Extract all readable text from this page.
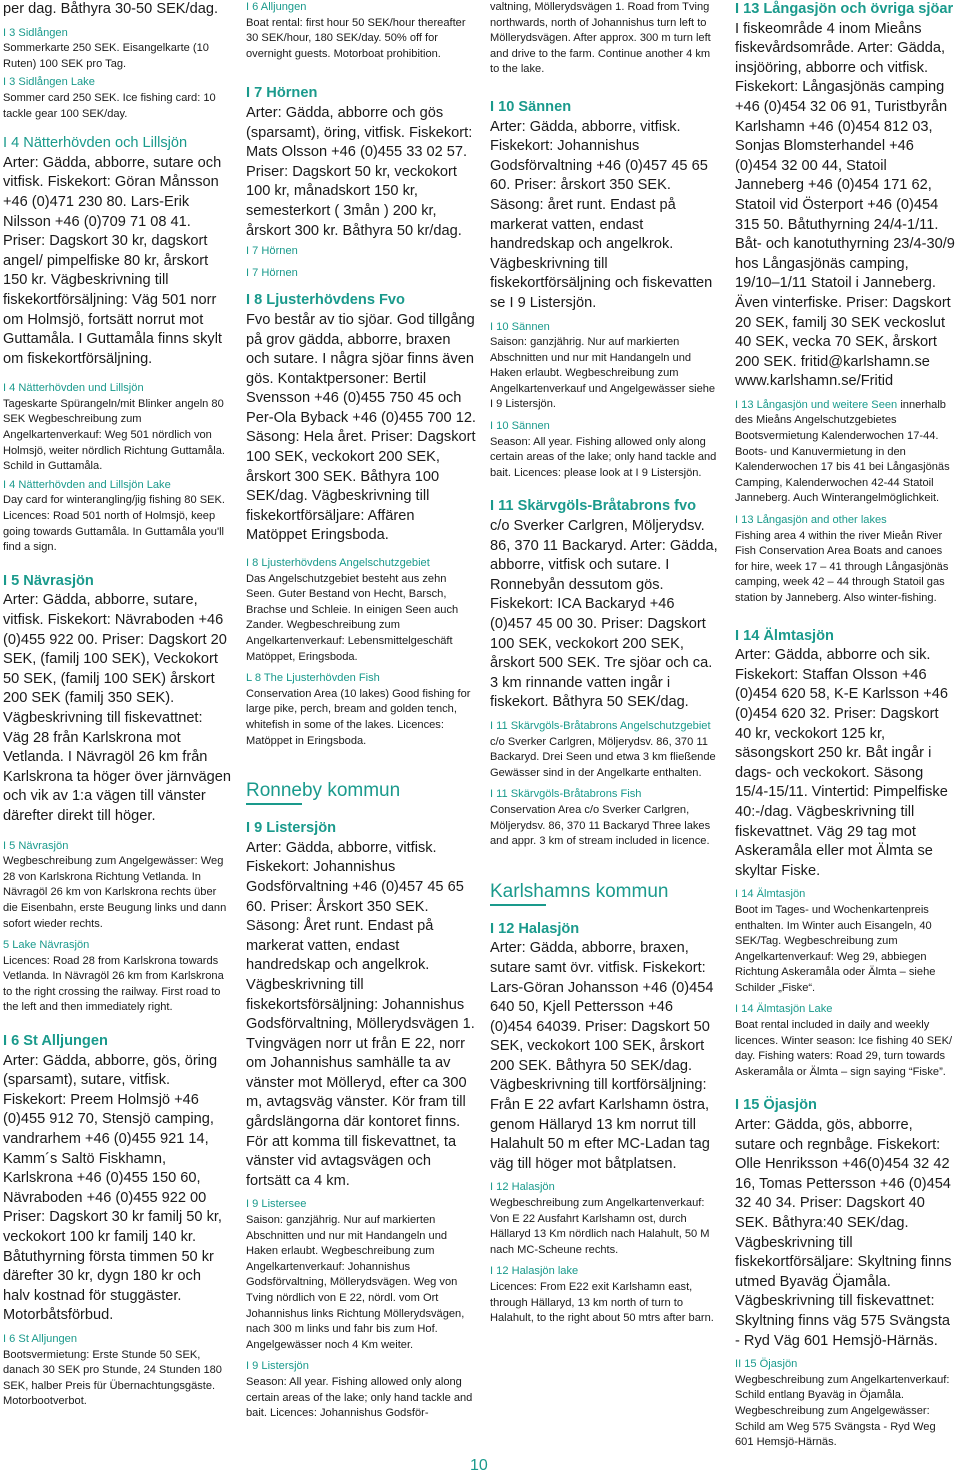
per dag. Båthyra 30-50 SEK/dag.
I 3 Sidlången
Sommerkarte 250 SEK. Eisangelkarte (10 Ruten) 100 SEK pro Tag.
I 3 Sidlången Lake
Sommer card 250 SEK. Ice fishing card: 10 tackle gear 100 SEK/day.
I 4 Nätterhövden och Lillsjön
Arter: Gädda, abborre, sutare och vitfisk. Fiskekort: Göran Månsson +46 (0)471 230 80. Lars-Erik Nilsson +46 (0)709 71 08 41. Priser: Dagskort 30 kr, dagskort angel/ pimpelfiske 80 kr, årskort 150 kr. Vägbeskrivning till fiskekortförsäljning: Väg 501 norr om Holmsjö, fortsätt norrut mot Guttamåla. I Guttamåla finns skylt om fiskekortförsäljning.
I 4 Nätterhövden und Lillsjön
Tageskarte Spürangeln/mit Blinker angeln 80 SEK Wegbeschreibung zum Angelkartenverkauf: Weg 501 nördlich von Holmsjö, weiter nördlich Richtung Guttamåla. Schild in Guttamåla.
I 4 Nätterhövden and Lillsjön Lake
Day card for winterangling/jig fishing 80 SEK. Licences: Road 501 north of Holmsjö, keep going towards Guttamåla. In Guttamåla you'll find a sign.
I 5 Nävrasjön
Arter: Gädda, abborre, sutare, vitfisk. Fiskekort: Nävraboden +46 (0)455 922 00. Priser: Dagskort 20 SEK, (familj 100 SEK), Veckokort 50 SEK, (familj 100 SEK) årskort 200 SEK (familj 350 SEK). Vägbeskrivning till fiskevattnet: Väg 28 från Karlskrona mot Vetlanda. I Nävragöl 26 km från Karlskrona ta höger över järnvägen och vik av 1:a vägen till vänster därefter direkt till höger.
I 5 Nävrasjön
Wegbeschreibung zum Angelgewässer: Weg 28 von Karlskrona Richtung Vetlanda. In Nävragöl 26 km von Karlskrona rechts über die Eisenbahn, erste Beugung links und dann sofort wieder rechts.
5 Lake Nävrasjön
Licences: Road 28 from Karlskrona towards Vetlanda. In Nävragöl 26 km from Karlskrona to the right crossing the railway. First road to the left and then immediately right.
I 6 St Alljungen
Arter: Gädda, abborre, gös, öring (sparsamt), sutare, vitfisk. Fiskekort: Preem Holmsjö +46 (0)455 912 70, Stensjö camping, vandrarhem +46 (0)455 921 14, Kamm´s Saltö Fiskhamn, Karlskrona +46 (0)455 150 60, Nävraboden +46 (0)455 922 00 Priser: Dagskort 30 kr familj 50 kr, veckokort 100 kr familj 140 kr. Båtuthyrning första timmen 50 kr därefter 30 kr, dygn 180 kr och halv kostnad för stuggäster. Motorbåtsförbud.
I 6 St Alljungen
Bootsvermietung: Erste Stunde 50 SEK, danach 30 SEK pro Stunde, 24 Stunden 180 SEK, halber Preis für Übernachtungsgäste. Motorbootverbot.
I 6 Alljungen
Boat rental: first hour 50 SEK/hour thereafter 30 SEK/hour, 180 SEK/day. 50% off for overnight guests. Motorboat prohibition.
I 7 Hörnen
Arter: Gädda, abborre och gös (sparsamt), öring, vitfisk. Fiskekort: Mats Olsson +46 (0)455 33 02 57. Priser: Dagskort 50 kr, veckokort 100 kr, månadskort 150 kr, semesterkort ( 3mån ) 200 kr, årskort 300 kr. Båthyra 50 kr/dag.
I 7 Hörnen
I 7 Hörnen
I 8 Ljusterhövdens Fvo
Fvo består av tio sjöar. God tillgång på grov gädda, abborre, braxen och sutare. I några sjöar finns även gös. Kontaktpersoner: Bertil Svensson +46 (0)455 750 45 och Per-Ola Byback +46 (0)455 700 12. Säsong: Hela året. Priser: Dagskort 100 SEK, veckokort 200 SEK, årskort 300 SEK. Båthyra 100 SEK/dag. Vägbeskrivning till fiskekortförsäljare: Affären Matöppet Eringsboda.
I 8 Ljusterhövdens Angelschutzgebiet
Das Angelschutzgebiet besteht aus zehn Seen. Guter Bestand von Hecht, Barsch, Brachse und Schleie. In einigen Seen auch Zander. Wegbeschreibung zum Angelkartenverkauf: Lebensmittelgeschäft Matöppet, Eringsboda.
L 8 The Ljusterhövden Fish
Conservation Area (10 lakes) Good fishing for large pike, perch, bream and golden tench, whitefish in some of the lakes. Licences: Matöppet in Eringsboda.
Ronneby kommun
I 9 Listersjön
Arter: Gädda, abborre, vitfisk. Fiskekort: Johannishus Godsförvaltning +46 (0)457 45 65 60. Priser: Årskort 350 SEK. Säsong: Året runt. Endast på markerat vatten, endast handredskap och angelkrok. Vägbeskrivning till fiskekortsförsäljning: Johannishus Godsförvaltning, Möllerydsvägen 1. Tvingvägen norr ut från E 22, norr om Johannishus samhälle ta av vänster mot Mölleryd, efter ca 300 m, avtagsväg vänster. Kör fram till gårdslängorna där kontoret finns. För att komma till fiskevattnet, ta vänster vid avtagsvägen och fortsätt ca 4 km.
I 9 Listersee
Saison: ganzjährig. Nur auf markierten Abschnitten und nur mit Handangeln und Haken erlaubt. Wegbeschreibung zum Angelkartenverkauf: Johannishus Godsförvaltning, Möllerydsvägen. Weg von Tving nördlich von E 22, nördl. vom Ort Johannishus links Richtung Möllerydsvägen, nach 300 m links und fahr bis zum Hof. Angelgewässer noch 4 Km weiter.
I 9 Listersjön
Season: All year. Fishing allowed only along certain areas of the lake; only hand tackle and bait. Licences: Johannishus Godsför-
valtning, Möllerydsvägen 1. Road from Tving northwards, north of Johannishus turn left to Möllerydsvägen. After approx. 300 m turn left and drive to the farm. Continue another 4 km to the lake.
I 10 Sännen
Arter: Gädda, abborre, vitfisk. Fiskekort: Johannishus Godsförvaltning +46 (0)457 45 65 60. Priser: årskort 350 SEK. Säsong: året runt. Endast på markerat vatten, endast handredskap och angelkrok. Vägbeskrivning till fiskekortförsäljning och fiskevatten se I 9 Listersjön.
I 10 Sännen
Saison: ganzjährig. Nur auf markierten Abschnitten und nur mit Handangeln und Haken erlaubt. Wegbeschreibung zum Angelkartenverkauf und Angelgewässer siehe I 9 Listersjön.
I 10 Sännen
Season: All year. Fishing allowed only along certain areas of the lake; only hand tackle and bait. Licences: please look at I 9 Listersjön.
I 11 Skärvgöls-Bråtabrons fvo
c/o Sverker Carlgren, Möljerydsv. 86, 370 11 Backaryd. Arter: Gädda, abborre, vitfisk och sutare. I Ronnebyån dessutom gös. Fiskekort: ICA Backaryd +46 (0)457 45 00 30. Priser: Dagskort 100 SEK, veckokort 200 SEK, årskort 500 SEK. Tre sjöar och ca. 3 km rinnande vatten ingår i fiskekort. Båthyra 50 SEK/dag.
I 11 Skärvgöls-Bråtabrons Angelschutzgebiet
c/o Sverker Carlgren, Möljerydsv. 86, 370 11 Backaryd. Drei Seen und etwa 3 km fließende Gewässer sind in der Angelkarte enthalten.
I 11 Skärvgöls-Bråtabrons Fish
Conservation Area c/o Sverker Carlgren, Möljerydsv. 86, 370 11 Backaryd Three lakes and appr. 3 km of stream included in licence.
Karlshamns kommun
I 12 Halasjön
Arter: Gädda, abborre, braxen, sutare samt övr. vitfisk. Fiskekort: Lars-Göran Johansson +46 (0)454 640 50, Kjell Pettersson +46 (0)454 64039. Priser: Dagskort 50 SEK, veckokort 100 SEK, årskort 200 SEK. Båthyra 50 SEK/dag. Vägbeskrivning till kortförsäljning: Från E 22 avfart Karlshamn östra, genom Hällaryd 13 km norrut till Halahult 50 m efter MC-Ladan tag väg till höger mot båtplatsen.
I 12 Halasjön
Wegbeschreibung zum Angelkartenverkauf: Von E 22 Ausfahrt Karlshamn ost, durch Hällaryd 13 Km nördlich nach Halahult, 50 M nach MC-Scheune rechts.
I 12 Halasjön lake
Licences: From E22 exit Karlshamn east, through Hällaryd, 13 km north of turn to Halahult, to the right about 50 mtrs after barn.
I 13 Långasjön och övriga sjöar
I fiskeområde 4 inom Mieåns fiskevårdsområde. Arter: Gädda, insjööring, abborre och vitfisk. Fiskekort: Långasjönäs camping +46 (0)454 32 06 91, Turistbyrån Karlshamn +46 (0)454 812 03, Sonjas Blomsterhandel +46 (0)454 32 00 44, Statoil Janneberg +46 (0)454 171 62, Statoil vid Österport +46 (0)454 315 50. Båtuthyrning 24/4-1/11. Båt- och kanotuthyrning 23/4-30/9 hos Långasjönäs camping, 19/10–1/11 Statoil i Janneberg. Även vinterfiske. Priser: Dagskort 20 SEK, familj 30 SEK veckoslut 40 SEK, vecka 70 SEK, årskort 200 SEK. fritid@karlshamn.se www.karlshamn.se/Fritid
I 13 Långasjön und weitere Seen innerhalb des Mieåns Angelschutzgebietes Bootsvermietung Kalenderwochen 17-44. Boots- und Kanuvermietung in den Kalenderwochen 17 bis 41 bei Långasjönäs Camping, Kalenderwochen 42-44 Statoil Janneberg. Auch Winterangelmöglichkeit.
I 13 Långasjön and other lakes
Fishing area 4 within the river Mieån River Fish Conservation Area Boats and canoes for hire, week 17 – 41 through Långasjönäs camping, week 42 – 44 through Statoil gas station by Janneberg. Also winter-fishing.
I 14 Älmtasjön
Arter: Gädda, abborre och sik. Fiskekort: Staffan Olsson +46 (0)454 620 58, K-E Karlsson +46 (0)454 620 32. Priser: Dagskort 40 kr, veckokort 125 kr, säsongskort 250 kr. Båt ingår i dags- och veckokort. Säsong 15/4-15/11. Vintertid: Pimpelfiske 40:-/dag. Vägbeskrivning till fiskevattnet. Väg 29 tag mot Askeramåla eller mot Älmta se skyltar Fiske.
I 14 Älmtasjön
Boot im Tages- und Wochenkartenpreis enthalten. Im Winter auch Eisangeln, 40 SEK/Tag. Wegbeschreibung zum Angelkartenverkauf: Weg 29, abbiegen Richtung Askeramåla oder Älmta – siehe Schilder „Fiske“.
I 14 Älmtasjön Lake
Boat rental included in daily and weekly licences. Winter season: Ice fishing 40 SEK/ day. Fishing waters: Road 29, turn towards Askeramåla or Älmta – sign saying “Fiske”.
I 15 Öjasjön
Arter: Gädda, gös, abborre, sutare och regnbåge. Fiskekort: Olle Henriksson +46(0)454 32 42 16, Tomas Pettersson +46 (0)454 32 40 34. Priser: Dagskort 40 SEK. Båthyra:40 SEK/dag. Vägbeskrivning till fiskekortförsäljare: Skyltning finns utmed Byaväg Öjamåla. Vägbeskrivning till fiskevattnet: Skyltning finns väg 575 Svängsta - Ryd Väg 601 Hemsjö-Härnäs.
II 15 Öjasjön
Wegbeschreibung zum Angelkartenverkauf: Schild entlang Byaväg in Öjamåla. Wegbeschreibung zum Angelgewässer: Schild am Weg 575 Svängsta - Ryd Weg 601 Hemsjö-Härnäs.
10
